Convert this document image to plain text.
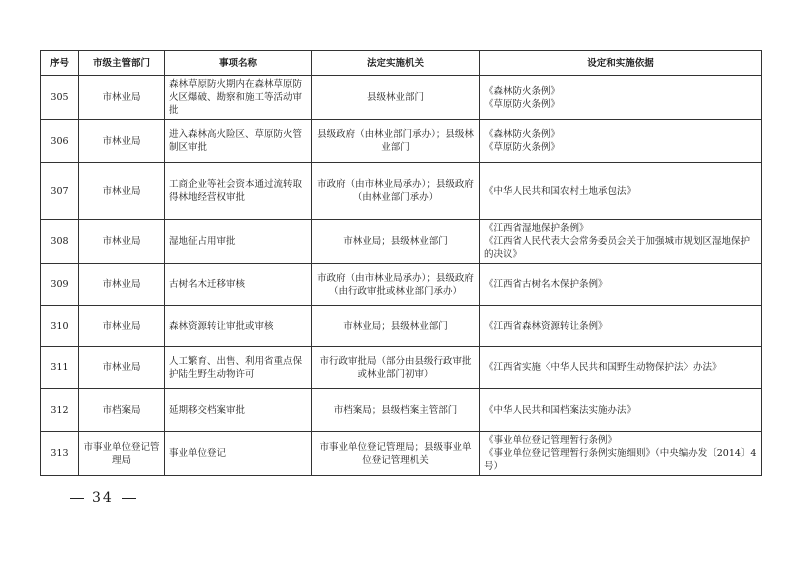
序号	市级主管部门	事项名称	法定实施机关	设定和实施依据
305	市林业局	森林草原防火期内在森林草原防火区爆破、勘察和施工等活动审批	县级林业部门	《森林防火条例》
《草原防火条例》

306	市林业局	进入森林高火险区、草原防火管制区审批	县级政府（由林业部门承办）；县级林业部门	《森林防火条例》
《草原防火条例》

307	市林业局	工商企业等社会资本通过流转取得林地经营权审批	市政府（由市林业局承办）；县级政府（由林业部门承办）	《中华人民共和国农村土地承包法》

308	市林业局	湿地征占用审批	市林业局；县级林业部门	《江西省湿地保护条例》
《江西省人民代表大会常务委员会关于加强城市规划区湿地保护的决议》

309	市林业局	古树名木迁移审核	市政府（由市林业局承办）；县级政府（由行政审批或林业部门承办）	《江西省古树名木保护条例》

310	市林业局	森林资源转让审批或审核	市林业局；县级林业部门	《江西省森林资源转让条例》

311	市林业局	人工繁育、出售、利用省重点保护陆生野生动物许可	市行政审批局（部分由县级行政审批或林业部门初审）	《江西省实施〈中华人民共和国野生动物保护法〉办法》

312	市档案局	延期移交档案审批	市档案局；县级档案主管部门	《中华人民共和国档案法实施办法》

313	市事业单位登记管理局	事业单位登记	市事业单位登记管理局；县级事业单位登记管理机关	《事业单位登记管理暂行条例》
《事业单位登记管理暂行条例实施细则》（中央编办发〔2014〕4号）
34
